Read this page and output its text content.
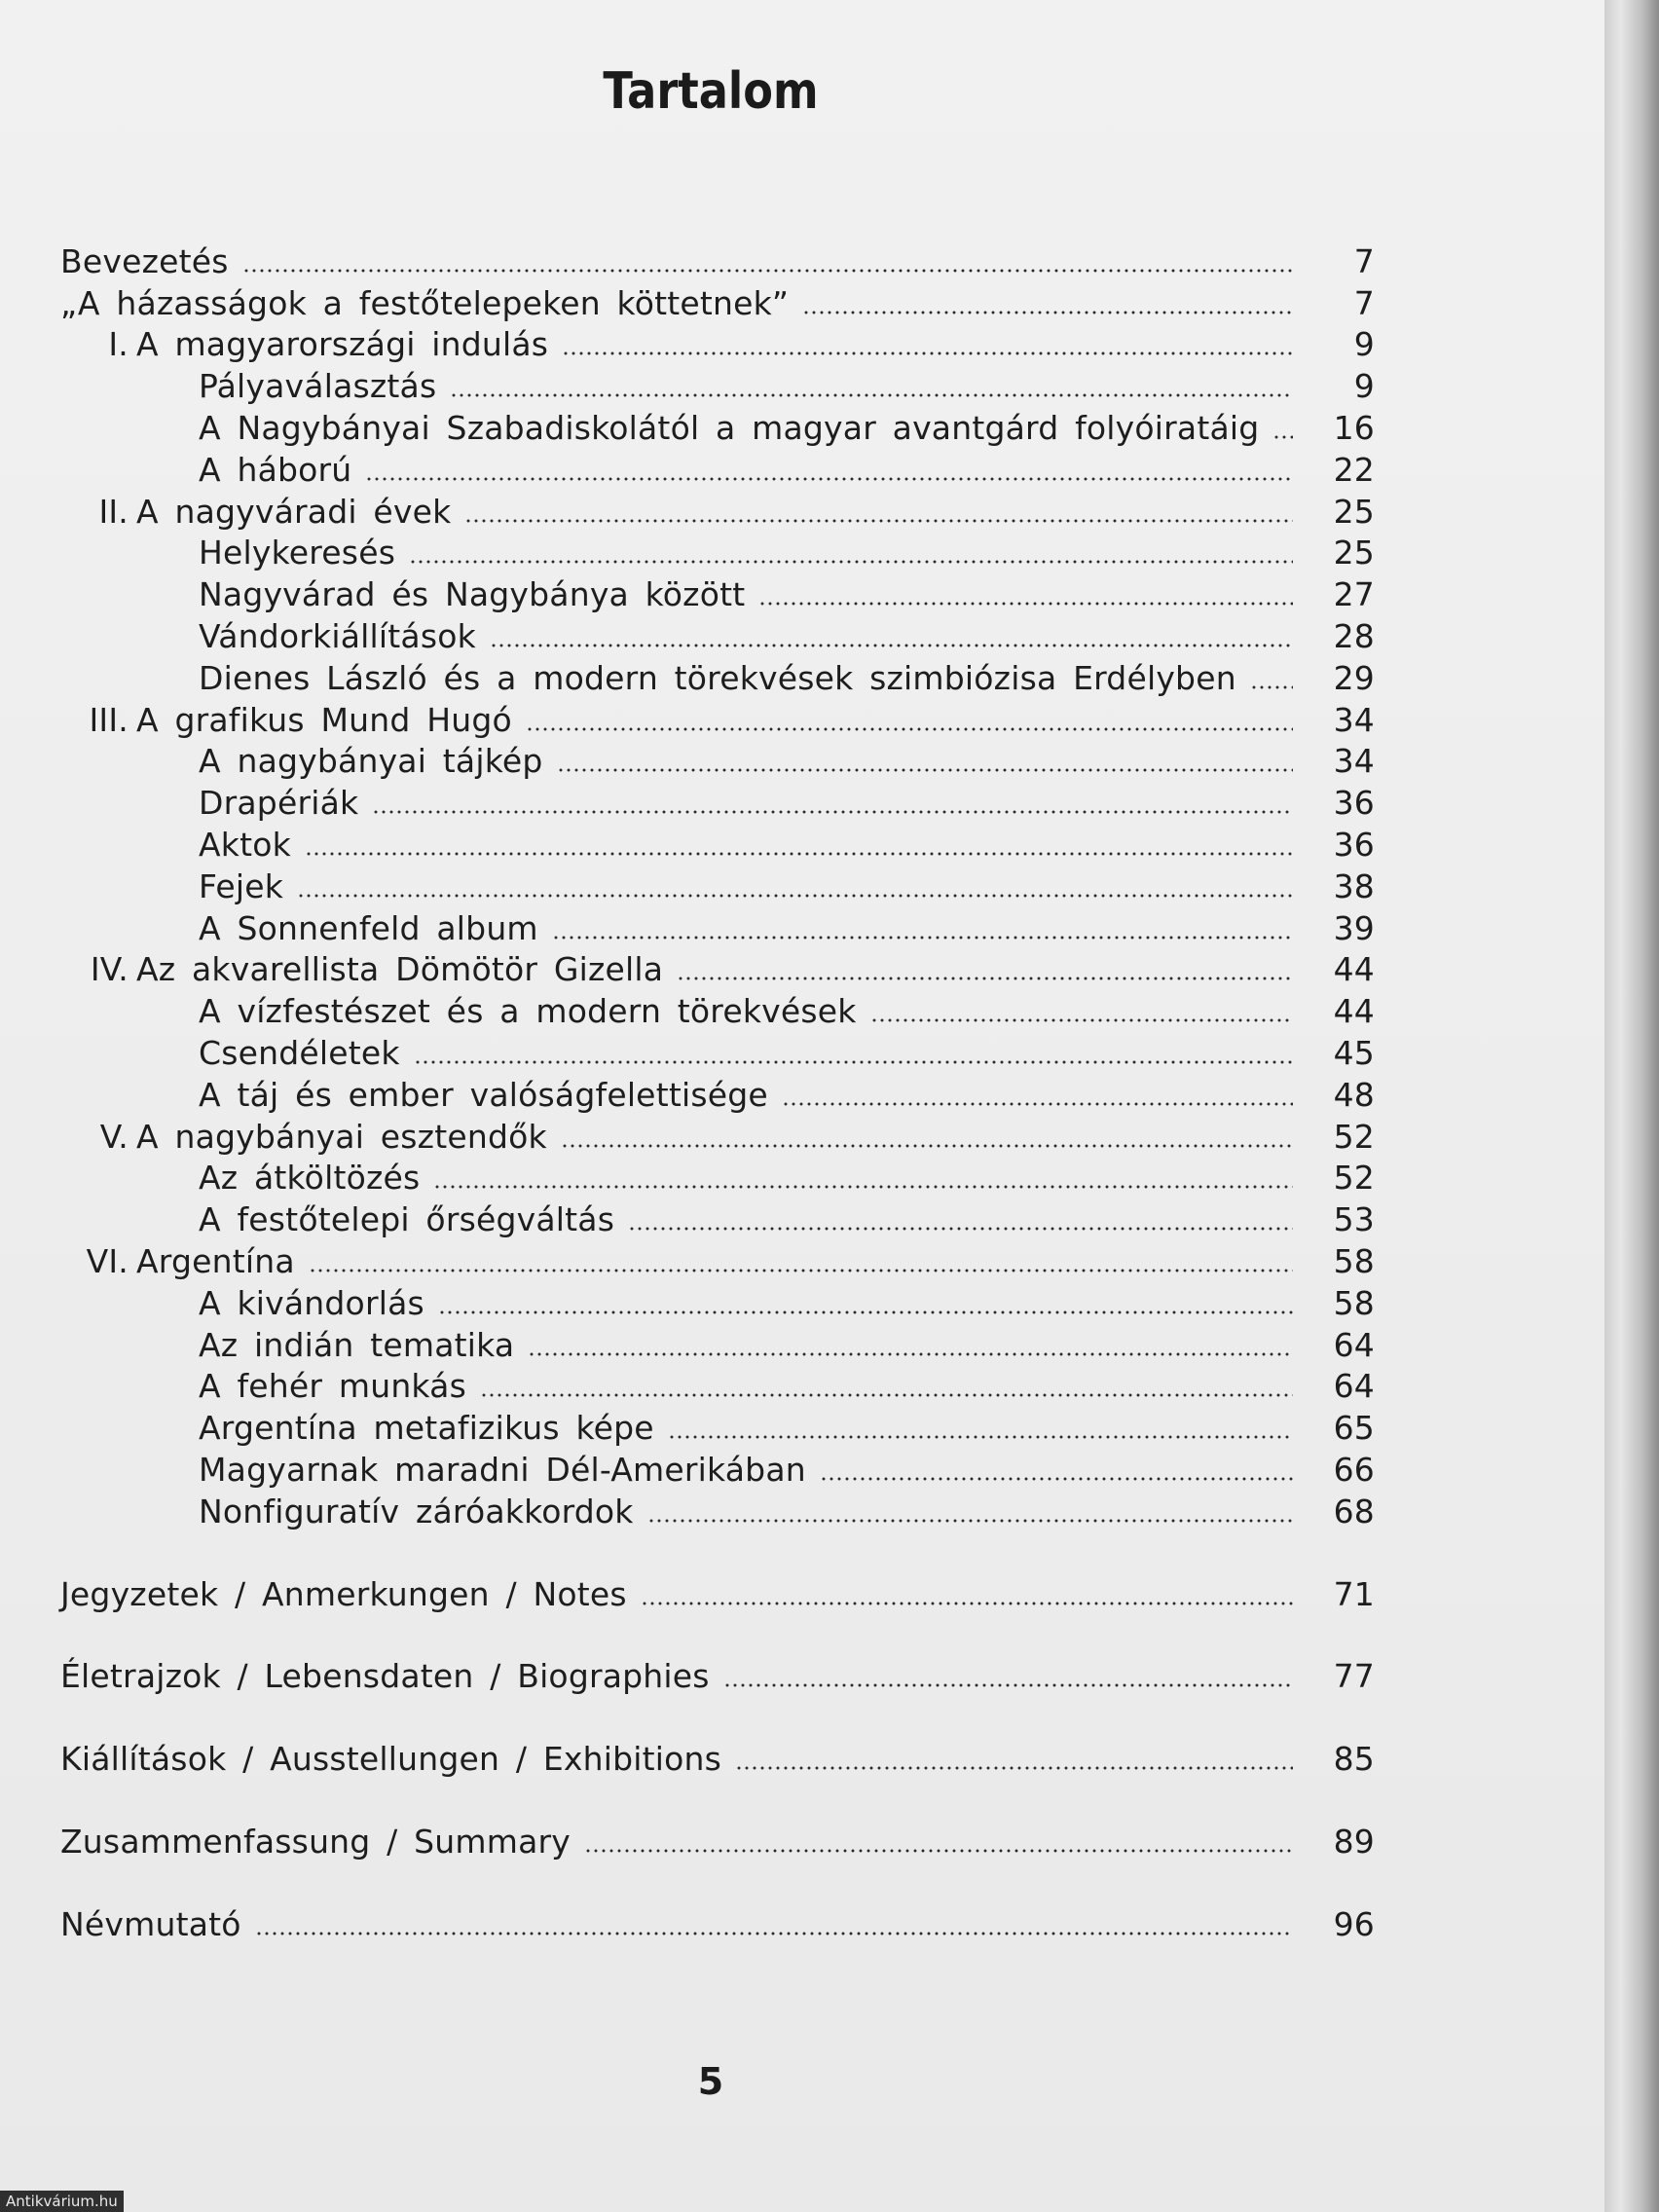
Tartalom
Bevezetés	7
„A házasságok a festőtelepeken köttetnek”	7
I. A magyarországi indulás	9
Pályaválasztás	9
A Nagybányai Szabadiskolától a magyar avantgárd folyóiratáig	16
A háború	22
II. A nagyváradi évek	25
Helykeresés	25
Nagyvárad és Nagybánya között	27
Vándorkiállítások	28
Dienes László és a modern törekvések szimbiózisa Erdélyben	29
III. A grafikus Mund Hugó	34
A nagybányai tájkép	34
Drapériák	36
Aktok	36
Fejek	38
A Sonnenfeld album	39
IV. Az akvarellista Dömötör Gizella	44
A vízfestészet és a modern törekvések	44
Csendéletek	45
A táj és ember valóságfelettisége	48
V. A nagybányai esztendők	52
Az átköltözés	52
A festőtelepi őrségváltás	53
VI. Argentína	58
A kivándorlás	58
Az indián tematika	64
A fehér munkás	64
Argentína metafizikus képe	65
Magyarnak maradni Dél-Amerikában	66
Nonfiguratív záróakkordok	68
Jegyzetek / Anmerkungen / Notes	71
Életrajzok / Lebensdaten / Biographies	77
Kiállítások / Ausstellungen / Exhibitions	85
Zusammenfassung / Summary	89
Névmutató	96
5
Antikvárium.hu
